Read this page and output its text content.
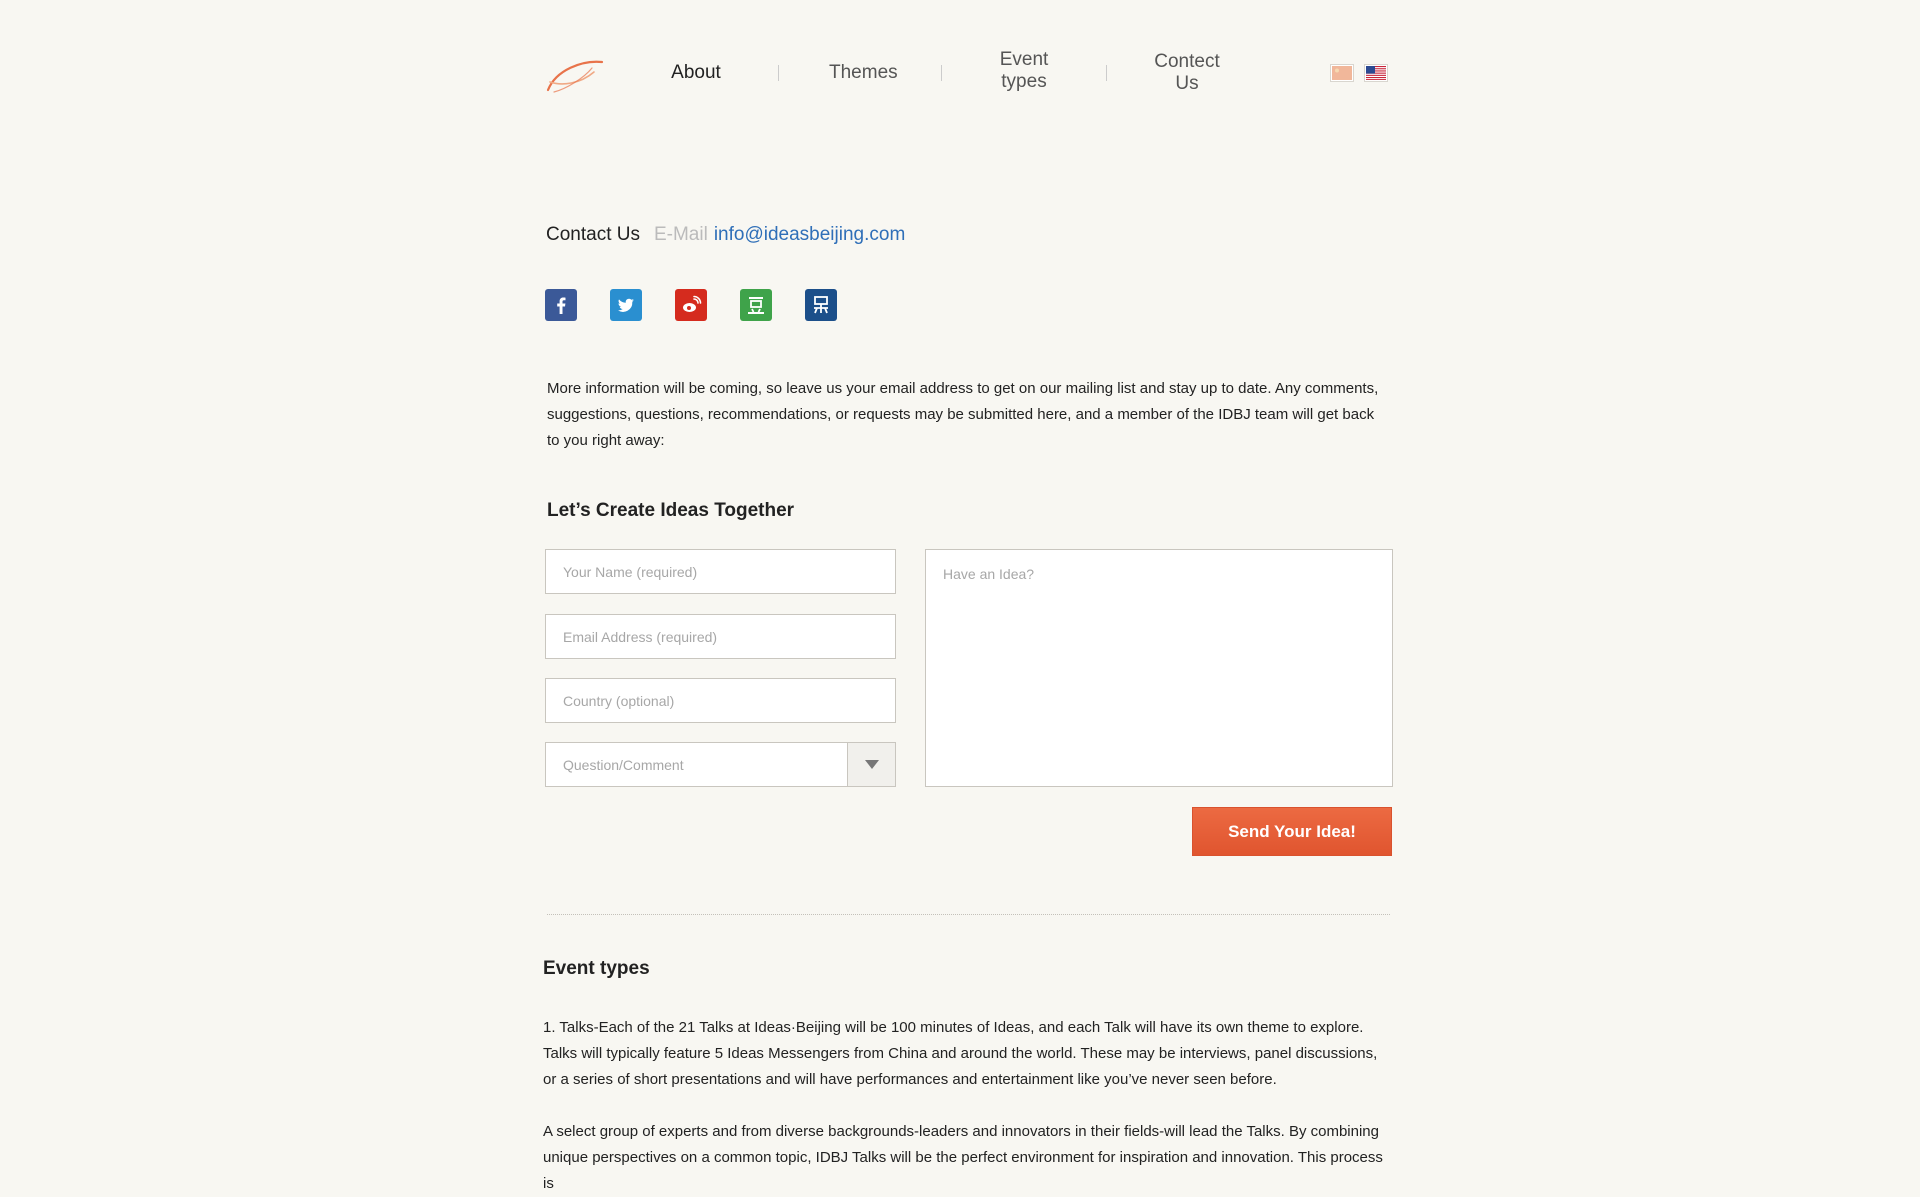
About	Themes
Event types
Contect Us
Contact Us E-Mail info@ideasbeijing.com

More information will be coming, so leave us your email address to get on our mailing list and stay up to date. Any comments, suggestions, questions, recommendations, or requests may be submitted here, and a member of the IDBJ team will get back to you right away:

Let’s Create Ideas Together
Your Name (required)
Email Address (required)
Country (optional)
Question/Comment
Have an Idea?
Send Your Idea!
Event types

1. Talks-Each of the 21 Talks at Ideas·Beijing will be 100 minutes of Ideas, and each Talk will have its own theme to explore. Talks will typically feature 5 Ideas Messengers from China and around the world. These may be interviews, panel discussions, or a series of short presentations and will have performances and entertainment like you’ve never seen before.

A select group of experts and from diverse backgrounds-leaders and innovators in their fields-will lead the Talks. By combining unique perspectives on a common topic, IDBJ Talks will be the perfect environment for inspiration and innovation. This process is
